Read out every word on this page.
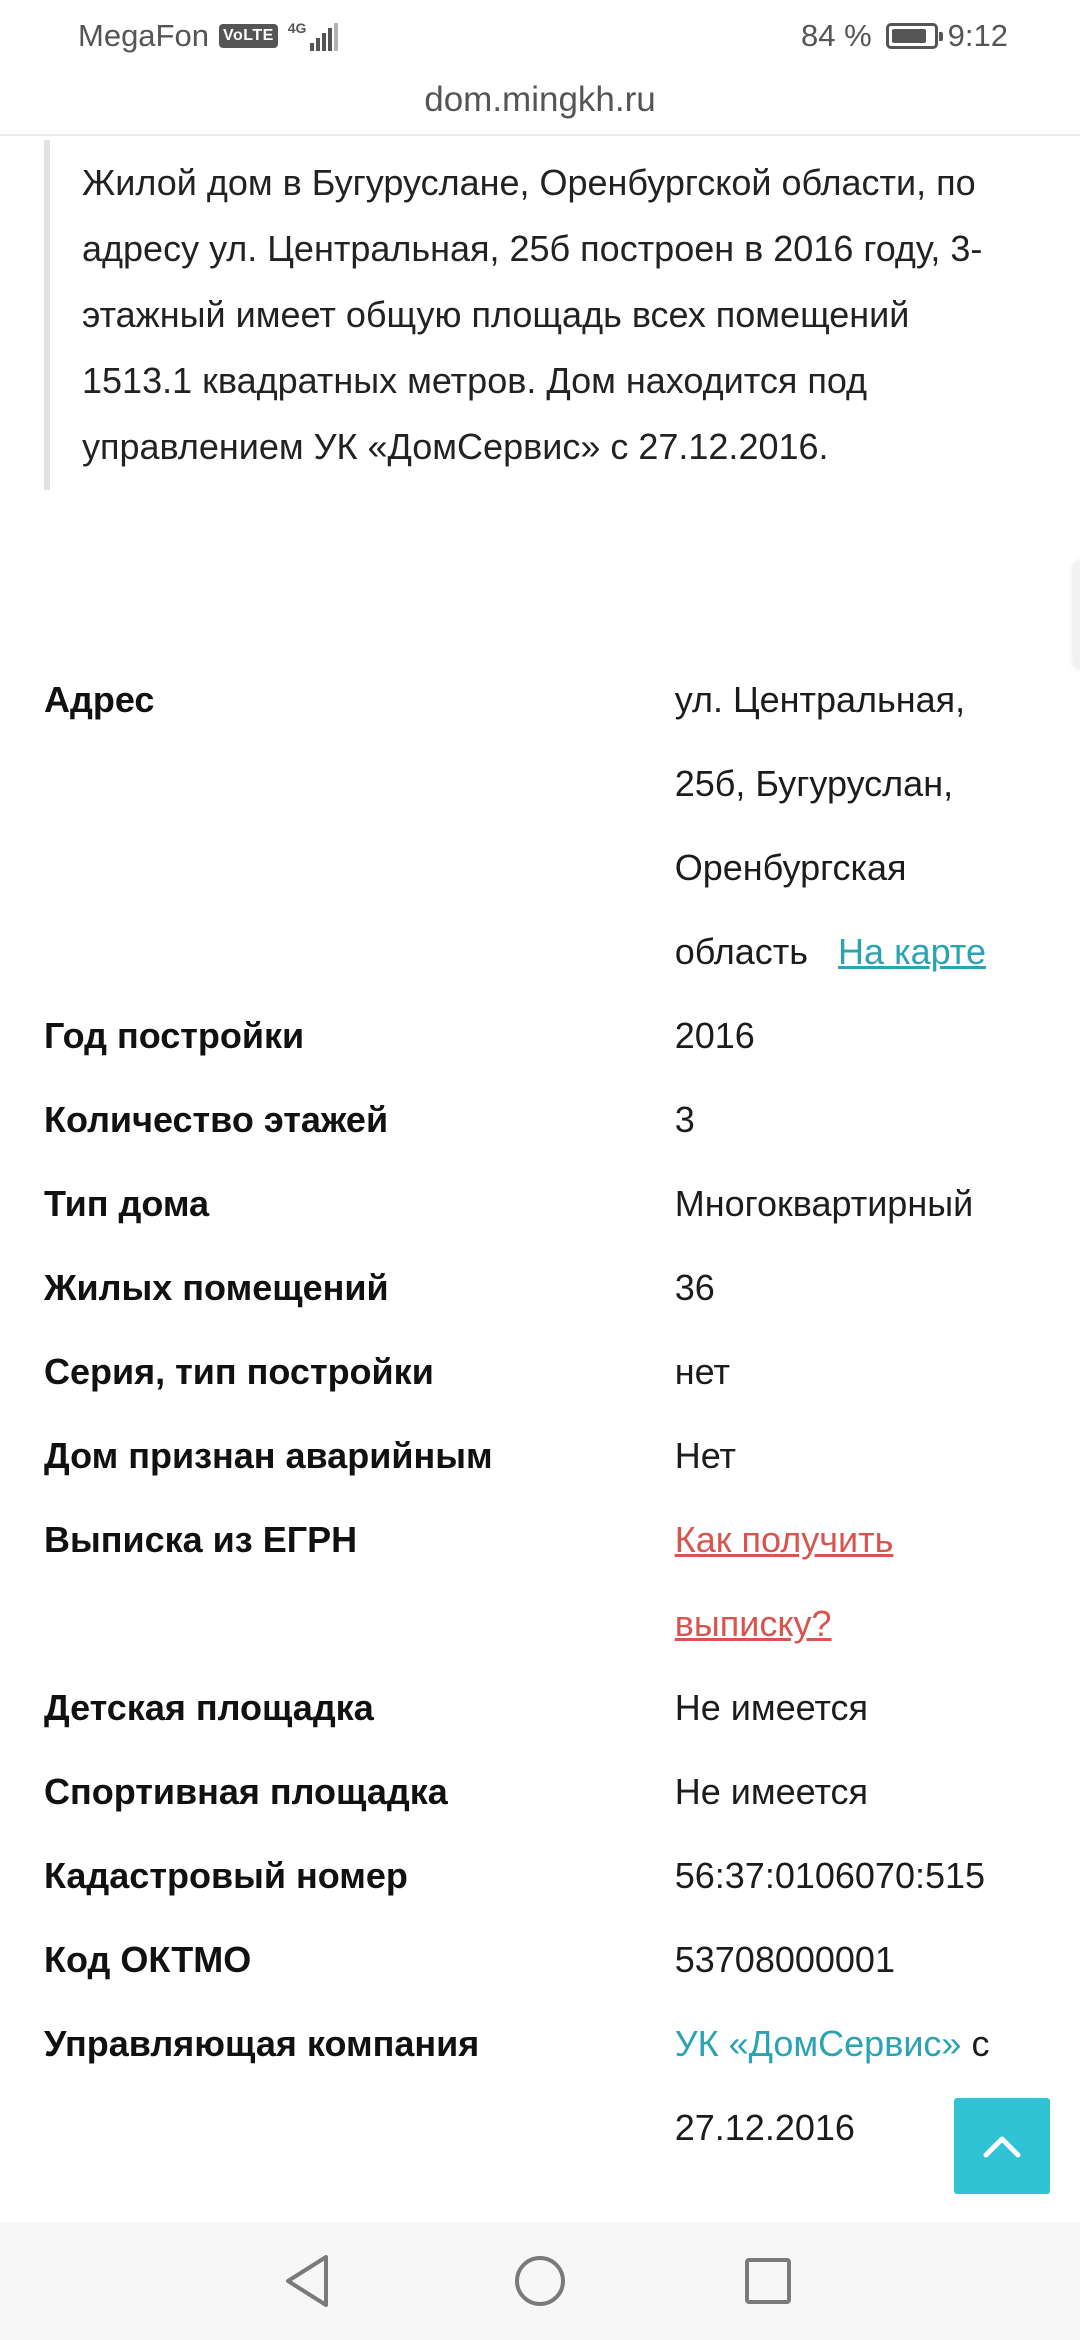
MegaFon VoLTE 4G	84 % 9:12
dom.mingkh.ru
Жилой дом в Бугуруслане, Оренбургской области, по адресу ул. Центральная, 25б построен в 2016 году, 3-этажный имеет общую площадь всех помещений 1513.1 квадратных метров. Дом находится под управлением УК «ДомСервис» с 27.12.2016.
Адрес	ул. Центральная, 25б, Бугуруслан, Оренбургская область На карте
Год постройки	2016
Количество этажей	3
Тип дома	Многоквартирный
Жилых помещений	36
Серия, тип постройки	нет
Дом признан аварийным	Нет
Выписка из ЕГРН	Как получить выписку?
Детская площадка	Не имеется
Спортивная площадка	Не имеется
Кадастровый номер	56:37:0106070:515
Код ОКТМО	53708000001
Управляющая компания	УК «ДомСервис» с 27.12.2016
